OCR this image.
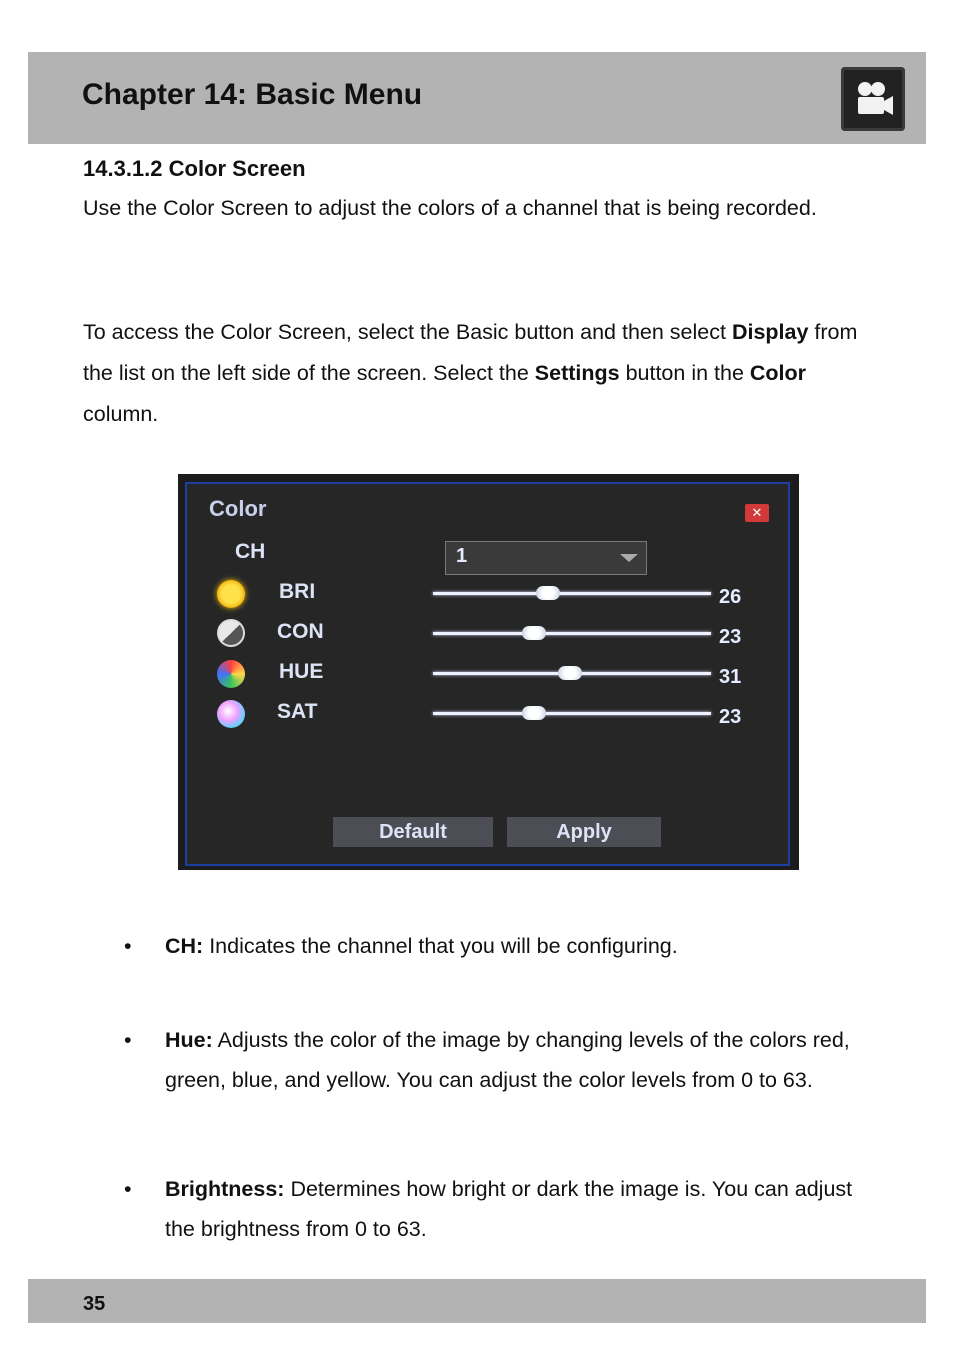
Chapter 14: Basic Menu
14.3.1.2 Color Screen
Use the Color Screen to adjust the colors of a channel that is being recorded.
To access the Color Screen, select the Basic button and then select Display from the list on the left side of the screen. Select the Settings button in the Color column.
Color	✕
CH	1
BRI	26
CON	23
HUE	31
SAT	23
Default	Apply
• CH: Indicates the channel that you will be configuring.
• Hue: Adjusts the color of the image by changing levels of the colors red, green, blue, and yellow. You can adjust the color levels from 0 to 63.
• Brightness: Determines how bright or dark the image is. You can adjust the brightness from 0 to 63.
35
